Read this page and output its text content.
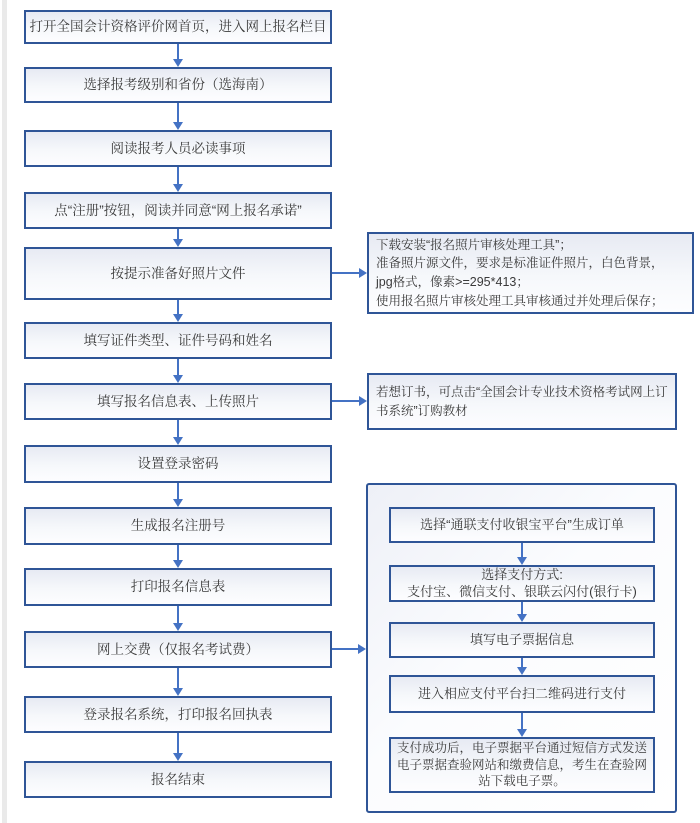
打开全国会计资格评价网首页，进入网上报名栏目
选择报考级别和省份（选海南）
阅读报考人员必读事项
点“注册”按钮，阅读并同意“网上报名承诺”
按提示准备好照片文件
填写证件类型、证件号码和姓名
填写报名信息表、上传照片
设置登录密码
生成报名注册号
打印报名信息表
网上交费（仅报名考试费）
登录报名系统，打印报名回执表
报名结束
下载安装“报名照片审核处理工具”；
准备照片源文件，要求是标准证件照片，白色背景，
jpg格式，像素>=295*413；
使用报名照片审核处理工具审核通过并处理后保存；
若想订书，可点击“全国会计专业技术资格考试网上订书系统”订购教材
选择“通联支付收银宝平台”生成订单
选择支付方式:
支付宝、微信支付、银联云闪付(银行卡)
填写电子票据信息
进入相应支付平台扫二维码进行支付
支付成功后，电子票据平台通过短信方式发送电子票据查验网站和缴费信息，考生在查验网站下载电子票。
